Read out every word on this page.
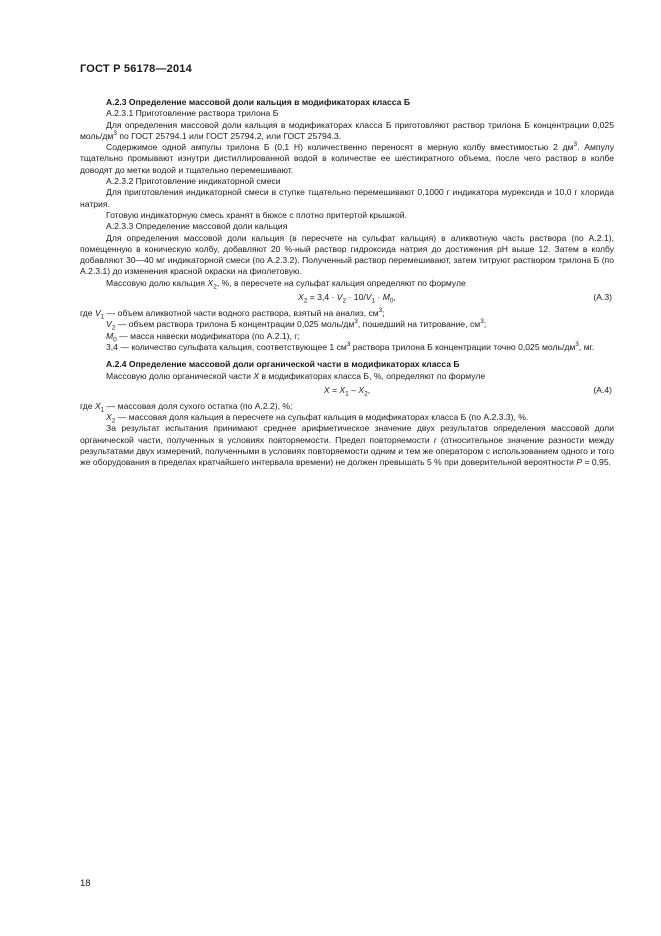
ГОСТ Р 56178—2014

А.2.3 Определение массовой доли кальция в модификаторах класса Б

А.2.3.1 Приготовление раствора трилона Б

Для определения массовой доли кальция в модификаторах класса Б приготовляют раствор трилона Б концентрации 0,025 моль/$дм^3$ по ГОСТ 25794.1 или ГОСТ 25794.2, или ГОСТ 25794.3.

Содержимое одной ампулы трилона Б (0,1 Н) количественно переносят в мерную колбу вместимостью 2 $дм^3$. Ампулу тщательно промывают изнутри дистиллированной водой в количестве ее шестикратного объема, после чего раствор в колбе доводят до метки водой и тщательно перемешивают.

А.2.3.2 Приготовление индикаторной смеси

Для приготовления индикаторной смеси в ступке тщательно перемешивают 0,1000 г индикатора мурексида и 10,0 г хлорида натрия.

Готовую индикаторную смесь хранят в бюксе с плотно притертой крышкой.

А.2.3.3 Определение массовой доли кальция

Для определения массовой доли кальция (в пересчете на сульфат кальция) в аликвотную часть раствора (по А.2.1), помещенную в коническую колбу, добавляют 20 %-ный раствор гидроксида натрия до достижения pH выше 12. Затем в колбу добавляют 30—40 мг индикаторной смеси (по А.2.3.2). Полученный раствор перемешивают, затем титруют раствором трилона Б (по А.2.3.1) до изменения красной окраски на фиолетовую.

Массовую долю кальция $X_2$, %, в пересчете на сульфат кальция определяют по формуле

$X_2 = 3,4 \cdot V_2 \cdot 10/V_1 \cdot M_0$,	(А.3)

где $V_1$ — объем аликвотной части водного раствора, взятый на анализ, $см^3$;

$V_2$ — объем раствора трилона Б концентрации 0,025 моль/$дм^3$, пошедший на титрование, $см^3$;

$M_0$ — масса навески модификатора (по А.2.1), г;

3,4 — количество сульфата кальция, соответствующее 1 $см^3$ раствора трилона Б концентрации точно 0,025 моль/$дм^3$, мг.

А.2.4 Определение массовой доли органической части в модификаторах класса Б

Массовую долю органической части X в модификаторах класса Б, %, определяют по формуле

$X = X_1 - X_2$,	(А.4)

где $X_1$ — массовая доля сухого остатка (по А.2.2), %;

$X_2$ — массовая доля кальция в пересчете на сульфат кальция в модификаторах класса Б (по А.2.3.3), %.

За результат испытания принимают среднее арифметическое значение двух результатов определения массовой доли органической части, полученных в условиях повторяемости. Предел повторяемости r (относительное значение разности между результатами двух измерений, полученными в условиях повторяемости одним и тем же оператором с использованием одного и того же оборудования в пределах кратчайшего интервала времени) не должен превышать 5 % при доверительной вероятности P = 0,95.

18
